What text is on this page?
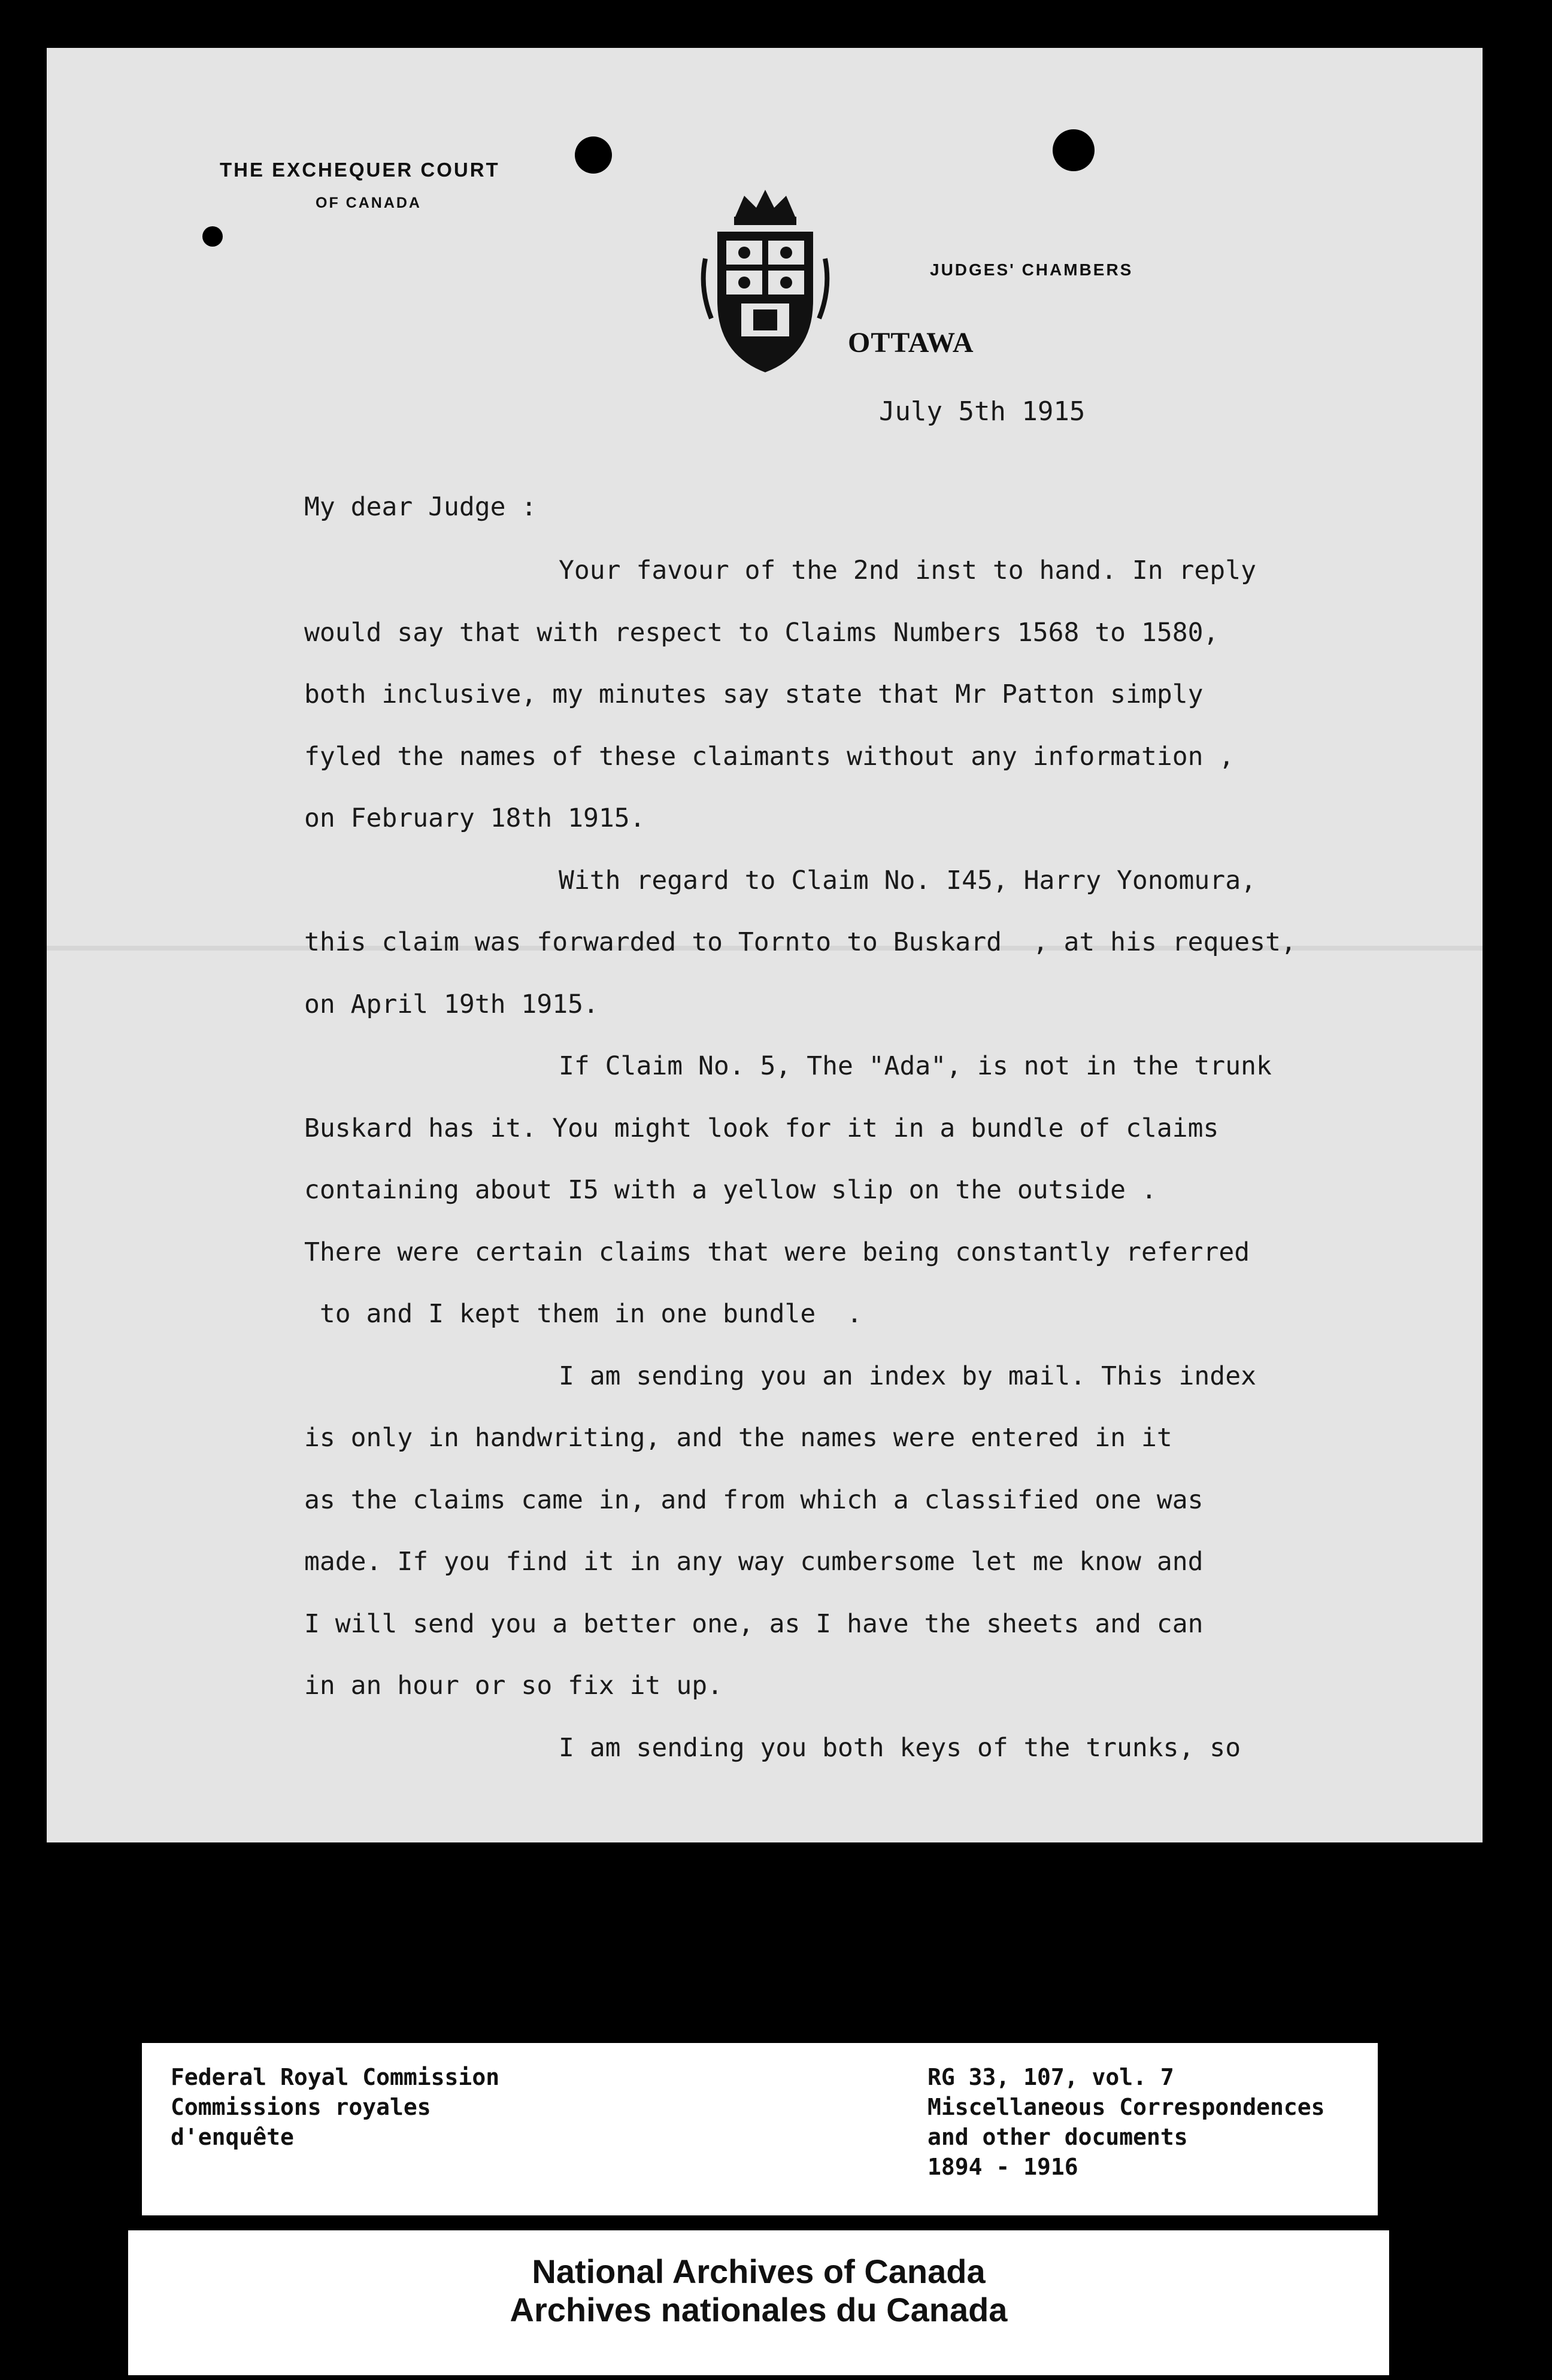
THE EXCHEQUER COURT
OF CANADA
JUDGES' CHAMBERS
OTTAWA
July 5th 1915
My dear Judge :
Your favour of the 2nd inst to hand. In reply
would say that with respect to Claims Numbers 1568 to 1580,
both inclusive, my minutes say state that Mr Patton simply
fyled the names of these claimants without any information ,
on February 18th 1915.
With regard to Claim No. I45, Harry Yonomura,
this claim was forwarded to Tornto to Buskard  , at his request,
on April 19th 1915.
If Claim No. 5, The "Ada", is not in the trunk
Buskard has it. You might look for it in a bundle of claims
containing about I5 with a yellow slip on the outside .
There were certain claims that were being constantly referred
to and I kept them in one bundle  .
I am sending you an index by mail. This index
is only in handwriting, and the names were entered in it
as the claims came in, and from which a classified one was
made. If you find it in any way cumbersome let me know and
I will send you a better one, as I have the sheets and can
in an hour or so fix it up.
I am sending you both keys of the trunks, so
Federal Royal Commission
Commissions royales
d'enquête
RG 33, 107, vol. 7
Miscellaneous Correspondences
and other documents
1894 - 1916
National Archives of Canada
Archives nationales du Canada
